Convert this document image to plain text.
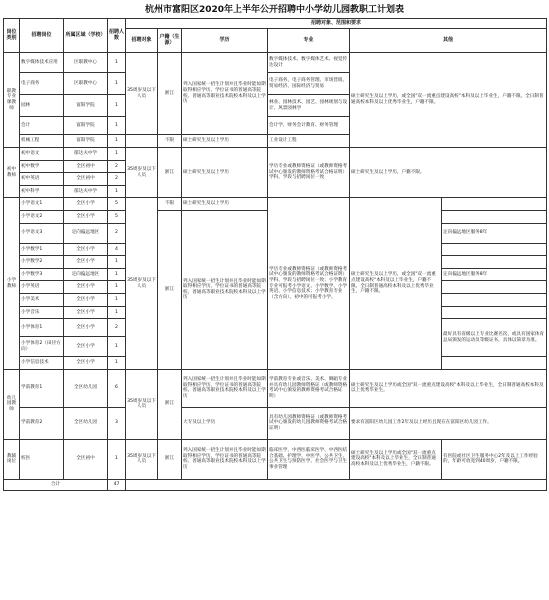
杭州市富阳区2020年上半年公开招聘中小学幼儿园教职工计划表
岗位类别	招聘岗位	所属区域（学校）	招聘人数	招聘对象、范围和要求					
				招聘对象	户籍（生源）	学历	专业	其他	
职教专业课教师	数字媒体技术应用	区职教中心	1	35周岁及以下人员	浙江	列入国家统一招生计划并且毕业时能如期取得相应学历、学位证书的普通高等院校、普通高等职业技术院校本科及以上学历	数字媒体技术、数字媒体艺术、视觉传达设计	硕士研究生及以上学历，或全国"双一流重点建设高校"本科及以上毕业生，户籍不限。全日制普通高校本科及以上优秀毕业生，户籍不限。	
	电子商务	区职教中心	1				电子商务、电子商务管理、市场营销、贸易经济、国际经济与贸易		
	园林	富阳学院	1				林业、园林技术、园艺、园林规划与设计、风景园林学		
	会计	富阳学院	1				会计学、财务会计教育、财务管理		
	机械工程	富阳学院	1		不限	硕士研究生及以上学历	工业设计工程		
初中教师	初中语文	郁达夫中学	1	35周岁及以下人员	浙江	硕士研究生及以上学历	学历专业或教师资格证（或教师资格考试中心颁发的教师资格考试合格证明）学科、学段与招聘岗位一致	硕士研究生及以上学历，户籍不限。	
	初中数学	全区初中	2						
	初中英语	全区初中	2						
	初中科学	郁达夫中学	1						
小学教师	小学语文1	全区小学	5	35周岁及以下人员	不限	硕士研究生及以上学历	学历专业或教师资格证（或教师资格考试中心颁发的教师资格考试合格证明）学科、学段与招聘岗位一致；小学教育专业可报考小学语文、小学数学、小学英语、小学信息技术；小学教育专业（含方向）、初中的可报考小学。	硕士研究生及以上学历，或全国"双一流重点建设高校"本科及以上毕业生，户籍不限。全日制普通高校本科及以上优秀毕业生，户籍不限。	
	小学语文2	全区小学	5		浙江	列入国家统一招生计划并且毕业时能如期取得相应学历、学位证书的普通高等院校、普通高等职业技术院校本科及以上学历			
	小学语文3	定向偏远地区	2						定向偏远地区服务8年
	小学数学1	全区小学	4						
	小学数学2	全区小学	1						
	小学数学3	定向偏远地区	1						定向偏远地区服务8年
	小学英语	全区小学	1						
	小学美术	全区小学	1						
	小学音乐	全区小学	1						
	小学体育1	全区小学	2						最好具有省级以上专业比赛名次，或具有国家体育总局颁发的运动员等级证书，具体以简章为准。
	小学体育2（田径方向）	全区小学	1						
	小学信息技术	全区小学	1						
幼儿园教师	学前教育1	全区幼儿园	6	35周岁及以下人员	浙江	列入国家统一招生计划并且毕业时能如期取得相应学历、学位证书的普通高等院校、普通高等职业技术院校本科及以上学历	学前教育专业或音乐、美术、舞蹈专业并具有幼儿园教师资格证（或教师资格考试中心颁发的教师资格考试合格证明）	硕士研究生及以上学历或全国"双一流重点建设高校"本科及以上毕业生，全日制普通高校本科及以上优秀毕业生。	
	学前教育2	全区幼儿园	3			大专及以上学历	具有幼儿园教师资格证（或教师资格考试中心颁发的幼儿园教师资格考试合格证明）	要求有富阳区幼儿园工作2年及以上经历且现在在富阳区幼儿园工作。	
教辅岗位	校医	全区初中	1	35周岁及以下人员	浙江	列入国家统一招生计划并且毕业时能如期取得相应学历、学位证书的普通高等院校、普通高等职业技术院校本科及以上学历	临床医学、中西医临床医学、中西医结合基础、护理学、中医学、公共卫生、公共卫生与预防医学、社会医学与卫生事业管理	硕士研究生及以上学历或全国"双一流重点建设高校"本科及以上毕业生，全日制普通高校本科及以上优秀毕业生，户籍不限。	有医院或社区卫生服务中心2年及以上工作经验的，年龄可放宽到40周岁，户籍不限。
合计			47						
